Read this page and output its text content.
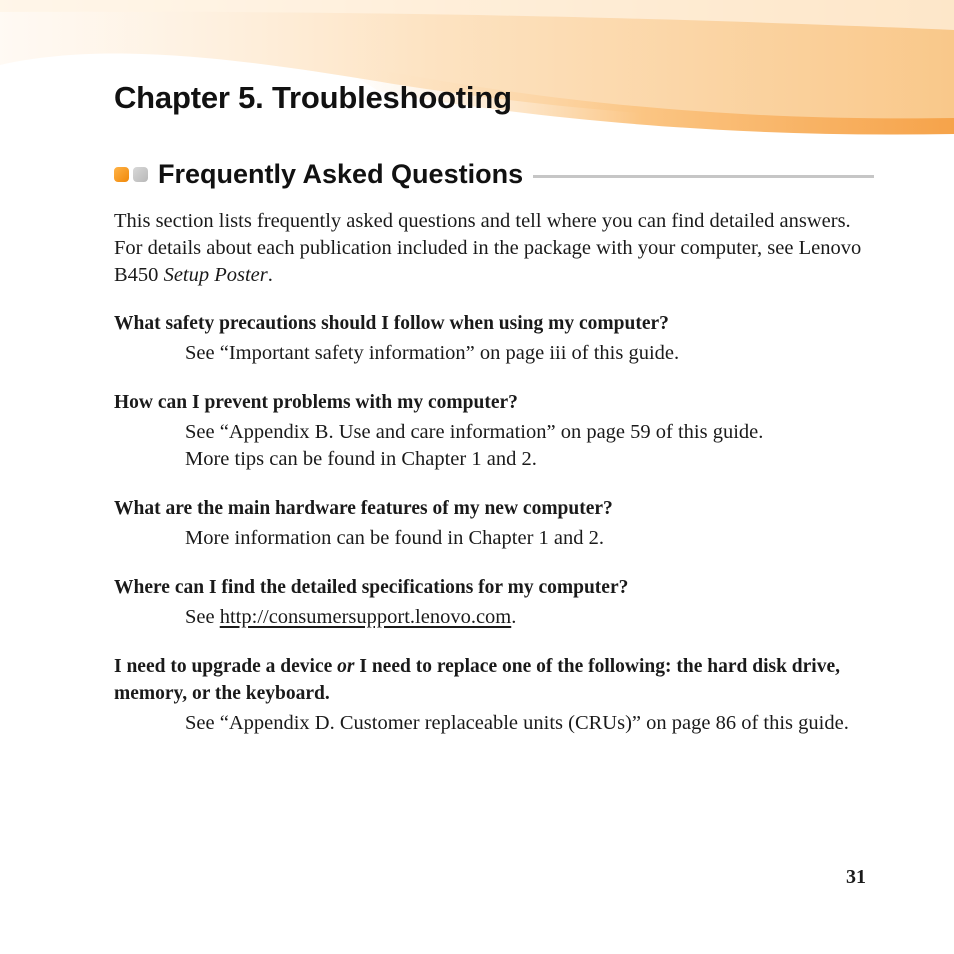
Chapter 5. Troubleshooting
Frequently Asked Questions

This section lists frequently asked questions and tell where you can find detailed answers. For details about each publication included in the package with your computer, see Lenovo B450 Setup Poster.

What safety precautions should I follow when using my computer?

See “Important safety information” on page iii of this guide.

How can I prevent problems with my computer?

See “Appendix B. Use and care information” on page 59 of this guide.
More tips can be found in Chapter 1 and 2.

What are the main hardware features of my new computer?

More information can be found in Chapter 1 and 2.

Where can I find the detailed specifications for my computer?

See http://consumersupport.lenovo.com.

I need to upgrade a device or I need to replace one of the following: the hard disk drive, memory, or the keyboard.

See “Appendix D. Customer replaceable units (CRUs)” on page 86 of this guide.

31
